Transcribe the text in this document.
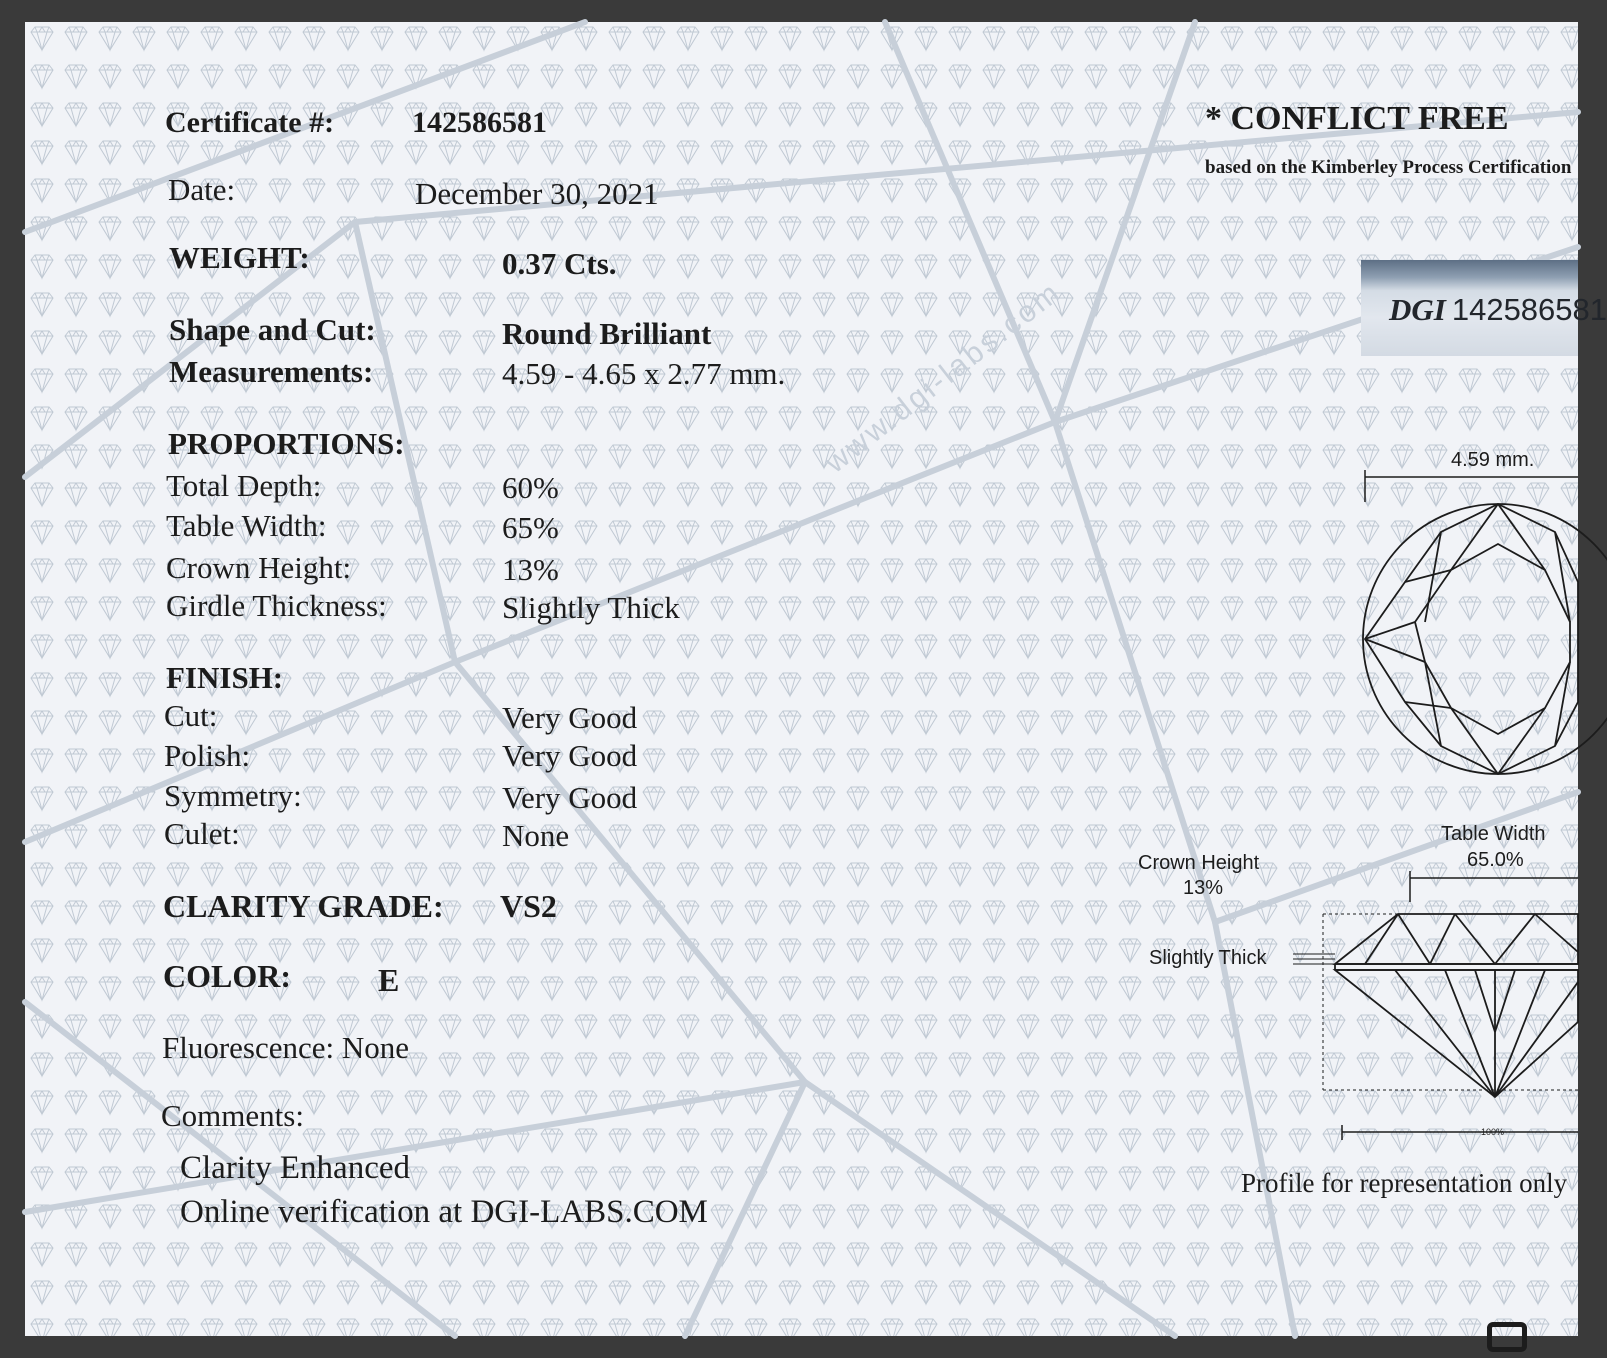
www.dgi-labs.com
Certificate #:	142586581
Date:	December 30, 2021
WEIGHT:	0.37 Cts.
Shape and Cut:	Round Brilliant
Measurements:	4.59 - 4.65 x 2.77 mm.
PROPORTIONS:
Total Depth:	60%
Table Width:	65%
Crown Height:	13%
Girdle Thickness:	Slightly Thick
FINISH:
Cut:	Very Good
Polish:	Very Good
Symmetry:	Very Good
Culet:	None
CLARITY GRADE: VS2
COLOR:	E
Fluorescence: None
Comments:
Clarity Enhanced
Online verification at DGI-LABS.COM
* CONFLICT FREE
based on the Kimberley Process Certification
DGI 142586581
4.59 mm.
Table Width
65.0%
Crown Height
13%
Slightly Thick
100%
Profile for representation only
